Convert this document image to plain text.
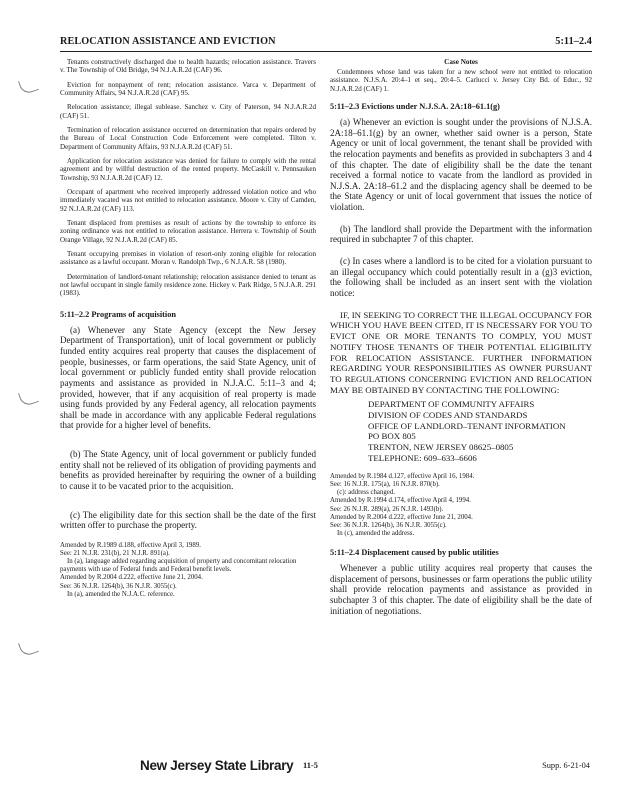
RELOCATION ASSISTANCE AND EVICTION	5:11–2.4

Tenants constructively discharged due to health hazards; relocation assistance. Travers v. The Township of Old Bridge, 94 N.J.A.R.2d (CAF) 96.

Eviction for nonpayment of rent; relocation assistance. Varca v. Department of Community Affairs, 94 N.J.A.R.2d (CAF) 95.

Relocation assistance; illegal sublease. Sanchez v. City of Paterson, 94 N.J.A.R.2d (CAF) 51.

Termination of relocation assistance occurred on determination that repairs ordered by the Bureau of Local Construction Code Enforcement were completed. Tilton v. Department of Community Affairs, 93 N.J.A.R.2d (CAF) 51.

Application for relocation assistance was denied for failure to comply with the rental agreement and by willful destruction of the rented property. McCaskill v. Pennsauken Township, 93 N.J.A.R.2d (CAF) 12.

Occupant of apartment who received improperly addressed violation notice and who immediately vacated was not entitled to relocation assistance. Moore v. City of Camden, 92 N.J.A.R.2d (CAF) 113.

Tenant displaced from premises as result of actions by the township to enforce its zoning ordinance was not entitled to relocation assistance. Herrera v. Township of South Orange Village, 92 N.J.A.R.2d (CAF) 85.

Tenant occupying premises in violation of resort-only zoning eligible for relocation assistance as a lawful occupant. Moran v. Randolph Twp., 6 N.J.A.R. 58 (1980).

Determination of landlord-tenant relationship; relocation assistance denied to tenant as not lawful occupant in single family residence zone. Hickey v. Park Ridge, 5 N.J.A.R. 291 (1983).

5:11–2.2 Programs of acquisition

(a) Whenever any State Agency (except the New Jersey Department of Transportation), unit of local government or publicly funded entity acquires real property that causes the displacement of people, businesses, or farm operations, the said State Agency, unit of local government or publicly funded entity shall provide relocation payments and assistance as provided in N.J.A.C. 5:11–3 and 4; provided, however, that if any acquisition of real property is made using funds provided by any Federal agency, all relocation payments shall be made in accordance with any applicable Federal regulations that provide for a higher level of benefits.

(b) The State Agency, unit of local government or publicly funded entity shall not be relieved of its obligation of providing payments and benefits as provided hereinafter by requiring the owner of a building to cause it to be vacated prior to the acquisition.

(c) The eligibility date for this section shall be the date of the first written offer to purchase the property.

Amended by R.1989 d.188, effective April 3, 1989.
See: 21 N.J.R. 231(b), 21 N.J.R. 891(a).
In (a), language added regarding acquisition of property and concomitant relocation payments with use of Federal funds and Federal benefit levels.
Amended by R.2004 d.222, effective June 21, 2004.
See: 36 N.J.R. 1264(b), 36 N.J.R. 3055(c).
In (a), amended the N.J.A.C. reference.
Case Notes

Condemnees whose land was taken for a new school were not entitled to relocation assistance. N.J.S.A. 20:4–1 et seq., 20:4–5. Carlucci v. Jersey City Bd. of Educ., 92 N.J.A.R.2d (CAF) 1.

5:11–2.3 Evictions under N.J.S.A. 2A:18–61.1(g)

(a) Whenever an eviction is sought under the provisions of N.J.S.A. 2A:18–61.1(g) by an owner, whether said owner is a person, State Agency or unit of local government, the tenant shall be provided with the relocation payments and benefits as provided in subchapters 3 and 4 of this chapter. The date of eligibility shall be the date the tenant received a formal notice to vacate from the landlord as provided in N.J.S.A. 2A:18–61.2 and the displacing agency shall be deemed to be the State Agency or unit of local government that issues the notice of violation.

(b) The landlord shall provide the Department with the information required in subchapter 7 of this chapter.

(c) In cases where a landlord is to be cited for a violation pursuant to an illegal occupancy which could potentially result in a (g)3 eviction, the following shall be included as an insert sent with the violation notice:

IF, IN SEEKING TO CORRECT THE ILLEGAL OCCUPANCY FOR WHICH YOU HAVE BEEN CITED, IT IS NECESSARY FOR YOU TO EVICT ONE OR MORE TENANTS TO COMPLY, YOU MUST NOTIFY THOSE TENANTS OF THEIR POTENTIAL ELIGIBILITY FOR RELOCATION ASSISTANCE. FURTHER INFORMATION REGARDING YOUR RESPONSIBILITIES AS OWNER PURSUANT TO REGULATIONS CONCERNING EVICTION AND RELOCATION MAY BE OBTAINED BY CONTACTING THE FOLLOWING:

DEPARTMENT OF COMMUNITY AFFAIRS
DIVISION OF CODES AND STANDARDS
OFFICE OF LANDLORD–TENANT INFORMATION
PO BOX 805
TRENTON, NEW JERSEY 08625–0805
TELEPHONE: 609–633–6606
Amended by R.1984 d.127, effective April 16, 1984.
See: 16 N.J.R. 175(a), 16 N.J.R. 870(b).
(c): address changed.
Amended by R.1994 d.174, effective April 4, 1994.
See: 26 N.J.R. 289(a), 26 N.J.R. 1493(b).
Amended by R.2004 d.222, effective June 21, 2004.
See: 36 N.J.R. 1264(b), 36 N.J.R. 3055(c).
In (c), amended the address.
5:11–2.4 Displacement caused by public utilities

Whenever a public utility acquires real property that causes the displacement of persons, businesses or farm operations the public utility shall provide relocation payments and assistance as provided in subchapter 3 of this chapter. The date of eligibility shall be the date of initiation of negotiations.

New Jersey State Library 11-5	Supp. 6-21-04
